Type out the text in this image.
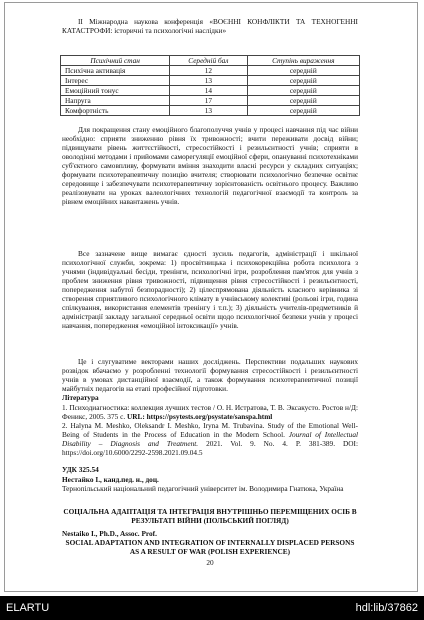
ІІ Міжнародна наукова конференція «ВОЄННІ КОНФЛІКТИ ТА ТЕХНОГЕННІ КАТАСТРОФИ: історичні та психологічні наслідки»
Психічний стан	Середній бал	Ступінь вираження
Психічна активація	12	середній
Інтерес	13	середній
Емоційний тонус	14	середній
Напруга	17	середній
Комфортність	13	середній
Для покращення стану емоційного благополуччя учнів у процесі навчання під час війни необхідно: сприяти зниженню рівня їх тривожності; вчити переживати досвід війни; підвищувати рівень життєстійкості, стресостійкості і резильєнтності учнів; сприяти в оволодінні методами і прийомами саморегуляції емоційної сфери, опануванні психотехніками суб'єктного самовпливу, формувати вміння знаходити власні ресурси у складних ситуаціях; формувати психотерапевтичну позицію вчителя; створювати психологічно безпечне освітнє середовище і забезпечувати психотерапевтичну зорієнтованість освітнього процесу. Важливо реалізовувати на уроках валеологічних технологій педагогічної взаємодії та контроль за рівнем емоційних навантажень учнів.
Все зазначене вище вимагає єдності зусиль педагогів, адміністрації і шкільної психологічної служби, зокрема: 1) просвітницька і психокорекційна робота психолога з учнями (індивідуальні бесіди, тренінги, психологічні ігри, розроблення пам'яток для учнів з проблем зниження рівня тривожності, підвищення рівня стресостійкості і резильєнтності, попередження набутої безпорадності); 2) цілеспрямована діяльність класного керівника зі створення сприятливого психологічного клімату в учнівському колективі (рольові ігри, година спілкування, використання елементів тренінгу і т.п.); 3) діяльність учителів-предметників й адміністрації закладу загальної середньої освіти щодо психологічної безпеки учнів у процесі навчання, попередження «емоційної інтоксикації» учнів.
Це і слугуватиме векторами наших досліджень. Перспективи подальших наукових розвідок вбачаємо у розробленні технології формування стресостійкості і резильєнтності учнів в умовах дистанційної взаємодії, а також формування психотерапевтичної позиції майбутніх педагогів на етапі професійної підготовки.
Література
1. Психодиагностика: коллекция лучших тестов / О. Н. Истратова, Т. В. Эксакусто. Ростов н/Д: Феникс, 2005. 375 с. URL: https://psytests.org/psystate/sanspa.html
2. Halyna M. Meshko, Oleksandr I. Meshko, Iryna M. Trubavina. Study of the Emotional Well-Being of Students in the Process of Education in the Modern School. Journal of Intellectual Disability – Diagnosis and Treatment. 2021. Vol. 9. No. 4. P. 381-389. DOI: https://doi.org/10.6000/2292-2598.2021.09.04.5
УДК 325.54
Нестайко І., канд.пед. н., доц.
Тернопільський національний педагогічний університет ім. Володимира Гнатюка, Україна
СОЦІАЛЬНА АДАПТАЦІЯ ТА ІНТЕГРАЦІЯ ВНУТРІШНЬО ПЕРЕМІЩЕНИХ ОСІБ В РЕЗУЛЬТАТІ ВІЙНИ (ПОЛЬСЬКИЙ ПОГЛЯД)
Nestaiko I., Ph.D., Assoc. Prof.
SOCIAL ADAPTATION AND INTEGRATION OF INTERNALLY DISPLACED PERSONS AS A RESULT OF WAR (POLISH EXPERIENCE)
20
ELARTU	hdl:lib/37862
